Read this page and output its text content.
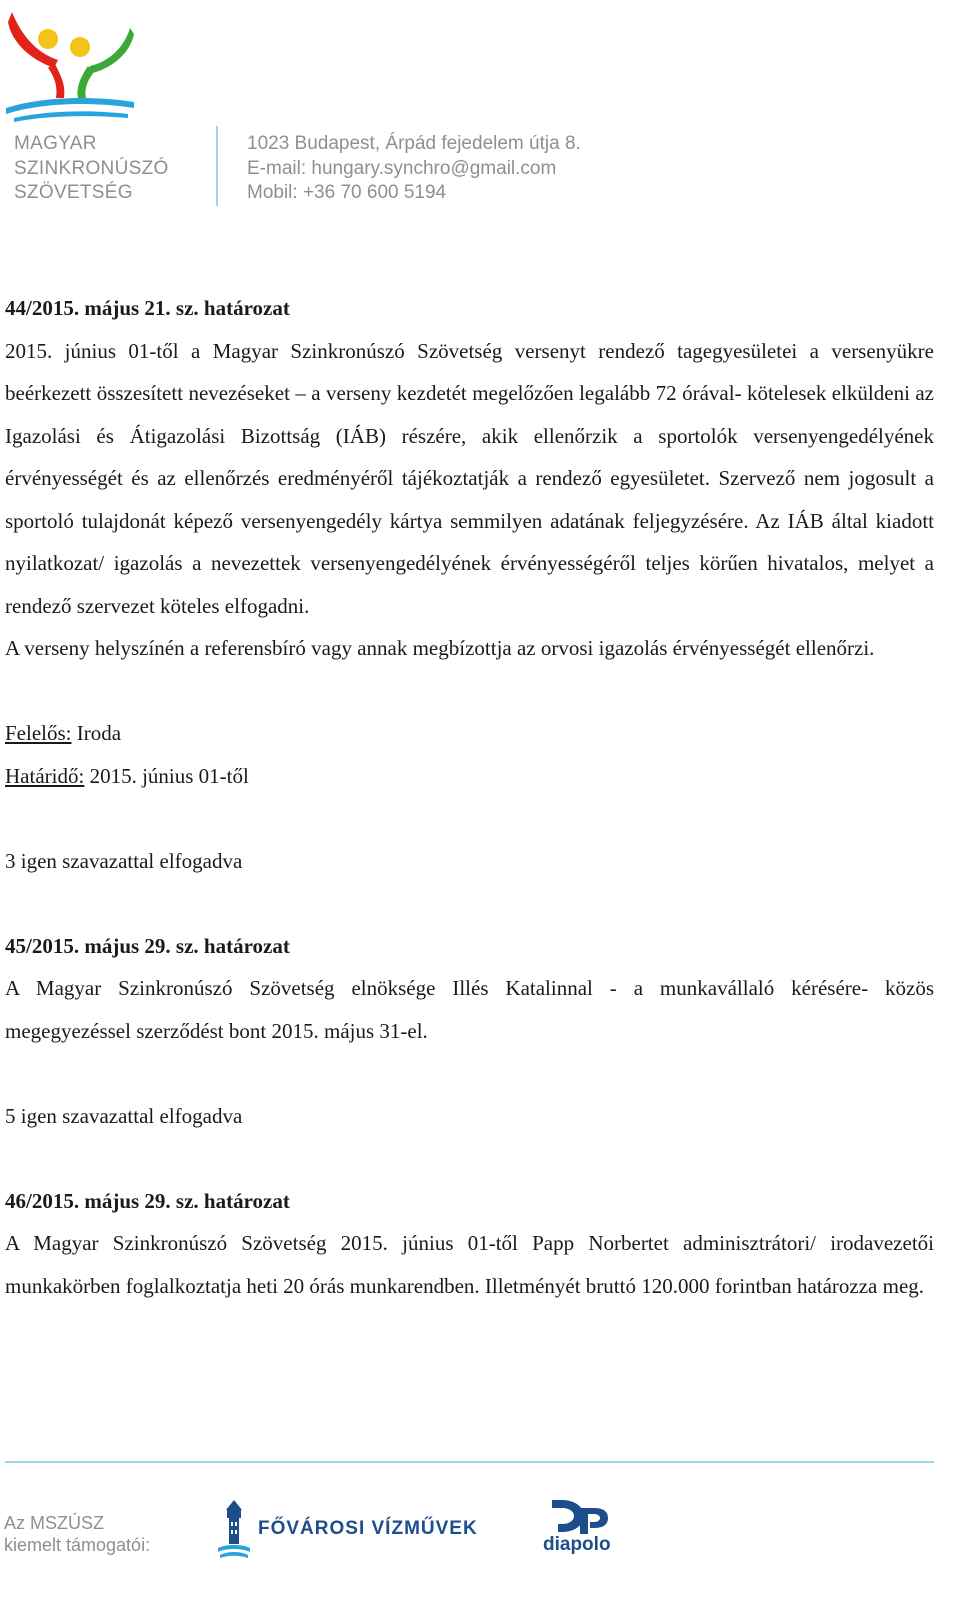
MAGYAR
SZINKRONÚSZÓ
SZÖVETSÉG
1023 Budapest, Árpád fejedelem útja 8.
E-mail: hungary.synchro@gmail.com
Mobil: +36 70 600 5194

44/2015. május 21. sz. határozat

2015. június 01-től a Magyar Szinkronúszó Szövetség versenyt rendező tagegyesületei a versenyükre beérkezett összesített nevezéseket – a verseny kezdetét megelőzően legalább 72 órával- kötelesek elküldeni az Igazolási és Átigazolási Bizottság (IÁB) részére, akik ellenőrzik a sportolók versenyengedélyének érvényességét és az ellenőrzés eredményéről tájékoztatják a rendező egyesületet. Szervező nem jogosult a sportoló tulajdonát képező versenyengedély kártya semmilyen adatának feljegyzésére. Az IÁB által kiadott nyilatkozat/ igazolás a nevezettek versenyengedélyének érvényességéről teljes körűen hivatalos, melyet a rendező szervezet köteles elfogadni.

A verseny helyszínén a referensbíró vagy annak megbízottja az orvosi igazolás érvényességét ellenőrzi.

Felelős: Iroda

Határidő: 2015. június 01-től

3 igen szavazattal elfogadva

45/2015. május 29. sz. határozat

A Magyar Szinkronúszó Szövetség elnöksége Illés Katalinnal - a munkavállaló kérésére- közös megegyezéssel szerződést bont 2015. május 31-el.

5 igen szavazattal elfogadva

46/2015. május 29. sz. határozat

A Magyar Szinkronúszó Szövetség 2015. június 01-től Papp Norbertet adminisztrátori/ irodavezetői munkakörben foglalkoztatja heti 20 órás munkarendben. Illetményét bruttó 120.000 forintban határozza meg.

Az MSZÚSZ
kiemelt támogatói:
FŐVÁROSI VÍZMŰVEK
diapolo
